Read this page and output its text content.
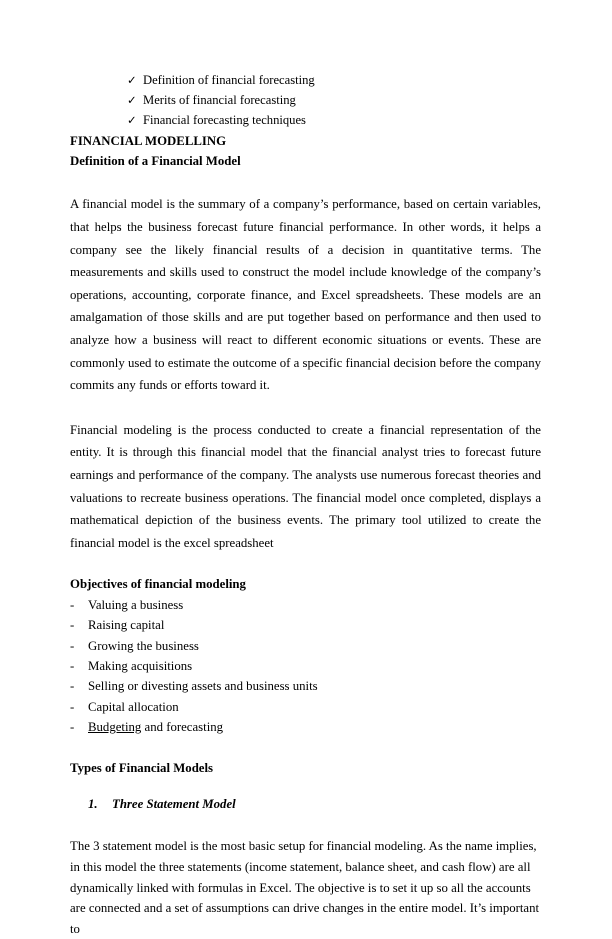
✓ Definition of financial forecasting
✓ Merits of financial forecasting
✓ Financial forecasting techniques
FINANCIAL MODELLING
Definition of a Financial Model

A financial model is the summary of a company’s performance, based on certain variables, that helps the business forecast future financial performance. In other words, it helps a company see the likely financial results of a decision in quantitative terms. The measurements and skills used to construct the model include knowledge of the company’s operations, accounting, corporate finance, and Excel spreadsheets. These models are an amalgamation of those skills and are put together based on performance and then used to analyze how a business will react to different economic situations or events. These are commonly used to estimate the outcome of a specific financial decision before the company commits any funds or efforts toward it.

Financial modeling is the process conducted to create a financial representation of the entity. It is through this financial model that the financial analyst tries to forecast future earnings and performance of the company. The analysts use numerous forecast theories and valuations to recreate business operations. The financial model once completed, displays a mathematical depiction of the business events. The primary tool utilized to create the financial model is the excel spreadsheet

Objectives of financial modeling
- Valuing a business
- Raising capital
- Growing the business
- Making acquisitions
- Selling or divesting assets and business units
- Capital allocation
- Budgeting and forecasting
Types of Financial Models
1. Three Statement Model

The 3 statement model is the most basic setup for financial modeling. As the name implies, in this model the three statements (income statement, balance sheet, and cash flow) are all dynamically linked with formulas in Excel. The objective is to set it up so all the accounts are connected and a set of assumptions can drive changes in the entire model. It’s important to
